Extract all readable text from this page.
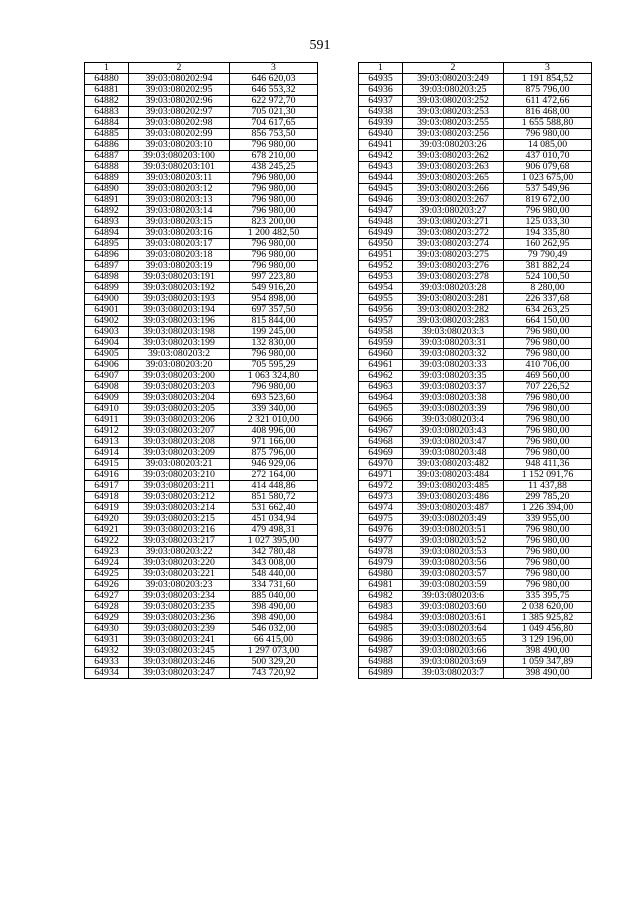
591
1	2	3
64880	39:03:080202:94	646 620,03
64881	39:03:080202:95	646 553,32
64882	39:03:080202:96	622 972,70
64883	39:03:080202:97	705 021,30
64884	39:03:080202:98	704 617,65
64885	39:03:080202:99	856 753,50
64886	39:03:080203:10	796 980,00
64887	39:03:080203:100	678 210,00
64888	39:03:080203:101	438 245,25
64889	39:03:080203:11	796 980,00
64890	39:03:080203:12	796 980,00
64891	39:03:080203:13	796 980,00
64892	39:03:080203:14	796 980,00
64893	39:03:080203:15	823 200,00
64894	39:03:080203:16	1 200 482,50
64895	39:03:080203:17	796 980,00
64896	39:03:080203:18	796 980,00
64897	39:03:080203:19	796 980,00
64898	39:03:080203:191	997 223,80
64899	39:03:080203:192	549 916,20
64900	39:03:080203:193	954 898,00
64901	39:03:080203:194	697 357,50
64902	39:03:080203:196	815 844,00
64903	39:03:080203:198	199 245,00
64904	39:03:080203:199	132 830,00
64905	39:03:080203:2	796 980,00
64906	39:03:080203:20	705 595,29
64907	39:03:080203:200	1 063 324,80
64908	39:03:080203:203	796 980,00
64909	39:03:080203:204	693 523,60
64910	39:03:080203:205	339 340,00
64911	39:03:080203:206	2 321 010,00
64912	39:03:080203:207	408 996,00
64913	39:03:080203:208	971 166,00
64914	39:03:080203:209	875 796,00
64915	39:03:080203:21	946 929,06
64916	39:03:080203:210	272 164,00
64917	39:03:080203:211	414 448,86
64918	39:03:080203:212	851 580,72
64919	39:03:080203:214	531 662,40
64920	39:03:080203:215	451 034,94
64921	39:03:080203:216	479 498,31
64922	39:03:080203:217	1 027 395,00
64923	39:03:080203:22	342 780,48
64924	39:03:080203:220	343 008,00
64925	39:03:080203:221	548 440,00
64926	39:03:080203:23	334 731,60
64927	39:03:080203:234	885 040,00
64928	39:03:080203:235	398 490,00
64929	39:03:080203:236	398 490,00
64930	39:03:080203:239	546 032,00
64931	39:03:080203:241	66 415,00
64932	39:03:080203:245	1 297 073,00
64933	39:03:080203:246	500 329,20
64934	39:03:080203:247	743 720,92
1	2	3
64935	39:03:080203:249	1 191 854,52
64936	39:03:080203:25	875 796,00
64937	39:03:080203:252	611 472,66
64938	39:03:080203:253	816 468,00
64939	39:03:080203:255	1 655 588,80
64940	39:03:080203:256	796 980,00
64941	39:03:080203:26	14 085,00
64942	39:03:080203:262	437 010,70
64943	39:03:080203:263	906 079,68
64944	39:03:080203:265	1 023 675,00
64945	39:03:080203:266	537 549,96
64946	39:03:080203:267	819 672,00
64947	39:03:080203:27	796 980,00
64948	39:03:080203:271	125 033,30
64949	39:03:080203:272	194 335,80
64950	39:03:080203:274	160 262,95
64951	39:03:080203:275	79 790,49
64952	39:03:080203:276	381 882,24
64953	39:03:080203:278	524 100,50
64954	39:03:080203:28	8 280,00
64955	39:03:080203:281	226 337,68
64956	39:03:080203:282	634 263,25
64957	39:03:080203:283	664 150,00
64958	39:03:080203:3	796 980,00
64959	39:03:080203:31	796 980,00
64960	39:03:080203:32	796 980,00
64961	39:03:080203:33	410 706,00
64962	39:03:080203:35	469 560,00
64963	39:03:080203:37	707 226,52
64964	39:03:080203:38	796 980,00
64965	39:03:080203:39	796 980,00
64966	39:03:080203:4	796 980,00
64967	39:03:080203:43	796 980,00
64968	39:03:080203:47	796 980,00
64969	39:03:080203:48	796 980,00
64970	39:03:080203:482	948 411,36
64971	39:03:080203:484	1 152 091,76
64972	39:03:080203:485	11 437,88
64973	39:03:080203:486	299 785,20
64974	39:03:080203:487	1 226 394,00
64975	39:03:080203:49	339 955,00
64976	39:03:080203:51	796 980,00
64977	39:03:080203:52	796 980,00
64978	39:03:080203:53	796 980,00
64979	39:03:080203:56	796 980,00
64980	39:03:080203:57	796 980,00
64981	39:03:080203:59	796 980,00
64982	39:03:080203:6	335 395,75
64983	39:03:080203:60	2 038 620,00
64984	39:03:080203:61	1 385 925,82
64985	39:03:080203:64	1 049 456,80
64986	39:03:080203:65	3 129 196,00
64987	39:03:080203:66	398 490,00
64988	39:03:080203:69	1 059 347,89
64989	39:03:080203:7	398 490,00
